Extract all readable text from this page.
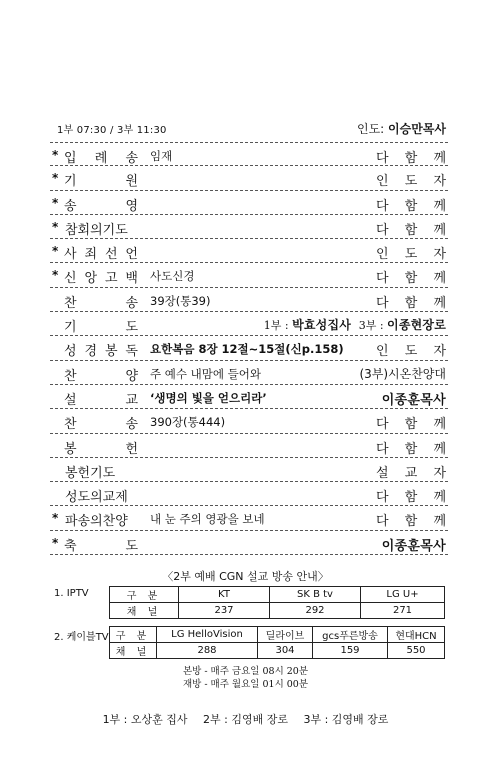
1부 07:30 / 3부 11:30	인도: 이승만목사
* 입 례 송 임재	다 함 께
* 기	원	인 도 자
* 송	영	다 함 께
* 참회의기도	다 함 께
* 사 죄 선 언	인 도 자
* 신 앙 고 백 사도신경	다 함 께
찬	송 39장(통39)	다 함 께
기	도	1부 : 박효성집사 3부 : 이종현장로
성 경 봉 독 요한복음 8장 12절~15절(신p.158) 인 도 자
찬	양 주 예수 내맘에 들어와	(3부)시온찬양대
설	교 ‘생명의 빛을 얻으리라’	이종훈목사
찬	송 390장(통444)	다 함 께
봉	헌	다 함 께
봉헌기도	설 교 자
성도의교제	다 함 께
* 파송의찬양	내 눈 주의 영광을 보네	다 함 께
* 축	도	이종훈목사
〈2부 예배 CGN 설교 방송 안내〉
1. IPTV	구 분	KT	SK B tv	LG U+
채 널	237	292	271
2. 케이블TV 구 분	LG HelloVision	딜라이브	gcs푸른방송	현대HCN
채 널	288	304	159	550
본방 - 매주 금요일 08시 20분
재방 - 매주 월요일 01시 00분
1부 : 오상훈 집사 2부 : 김영배 장로 3부 : 김영배 장로
